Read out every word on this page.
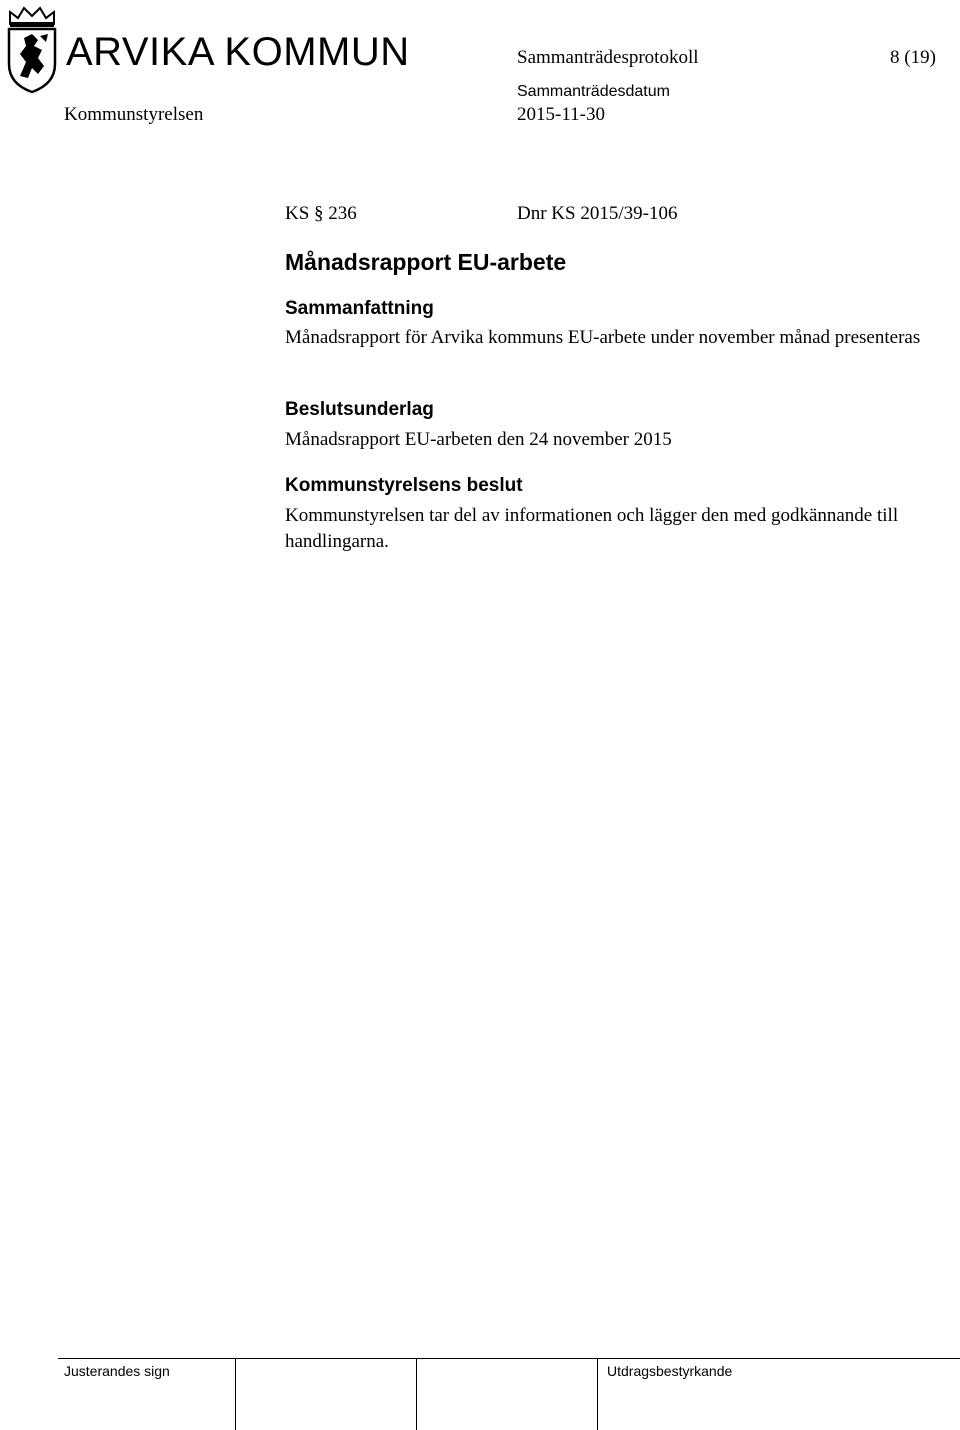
ARVIKA KOMMUN	Sammanträdesprotokoll	8 (19)
Sammanträdesdatum
Kommunstyrelsen	2015-11-30
KS § 236	Dnr KS 2015/39-106
Månadsrapport EU-arbete
Sammanfattning
Månadsrapport för Arvika kommuns EU-arbete under november månad presenteras
Beslutsunderlag
Månadsrapport EU-arbeten den 24 november 2015
Kommunstyrelsens beslut
Kommunstyrelsen tar del av informationen och lägger den med godkännande till handlingarna.
Justerandes sign	Utdragsbestyrkande
